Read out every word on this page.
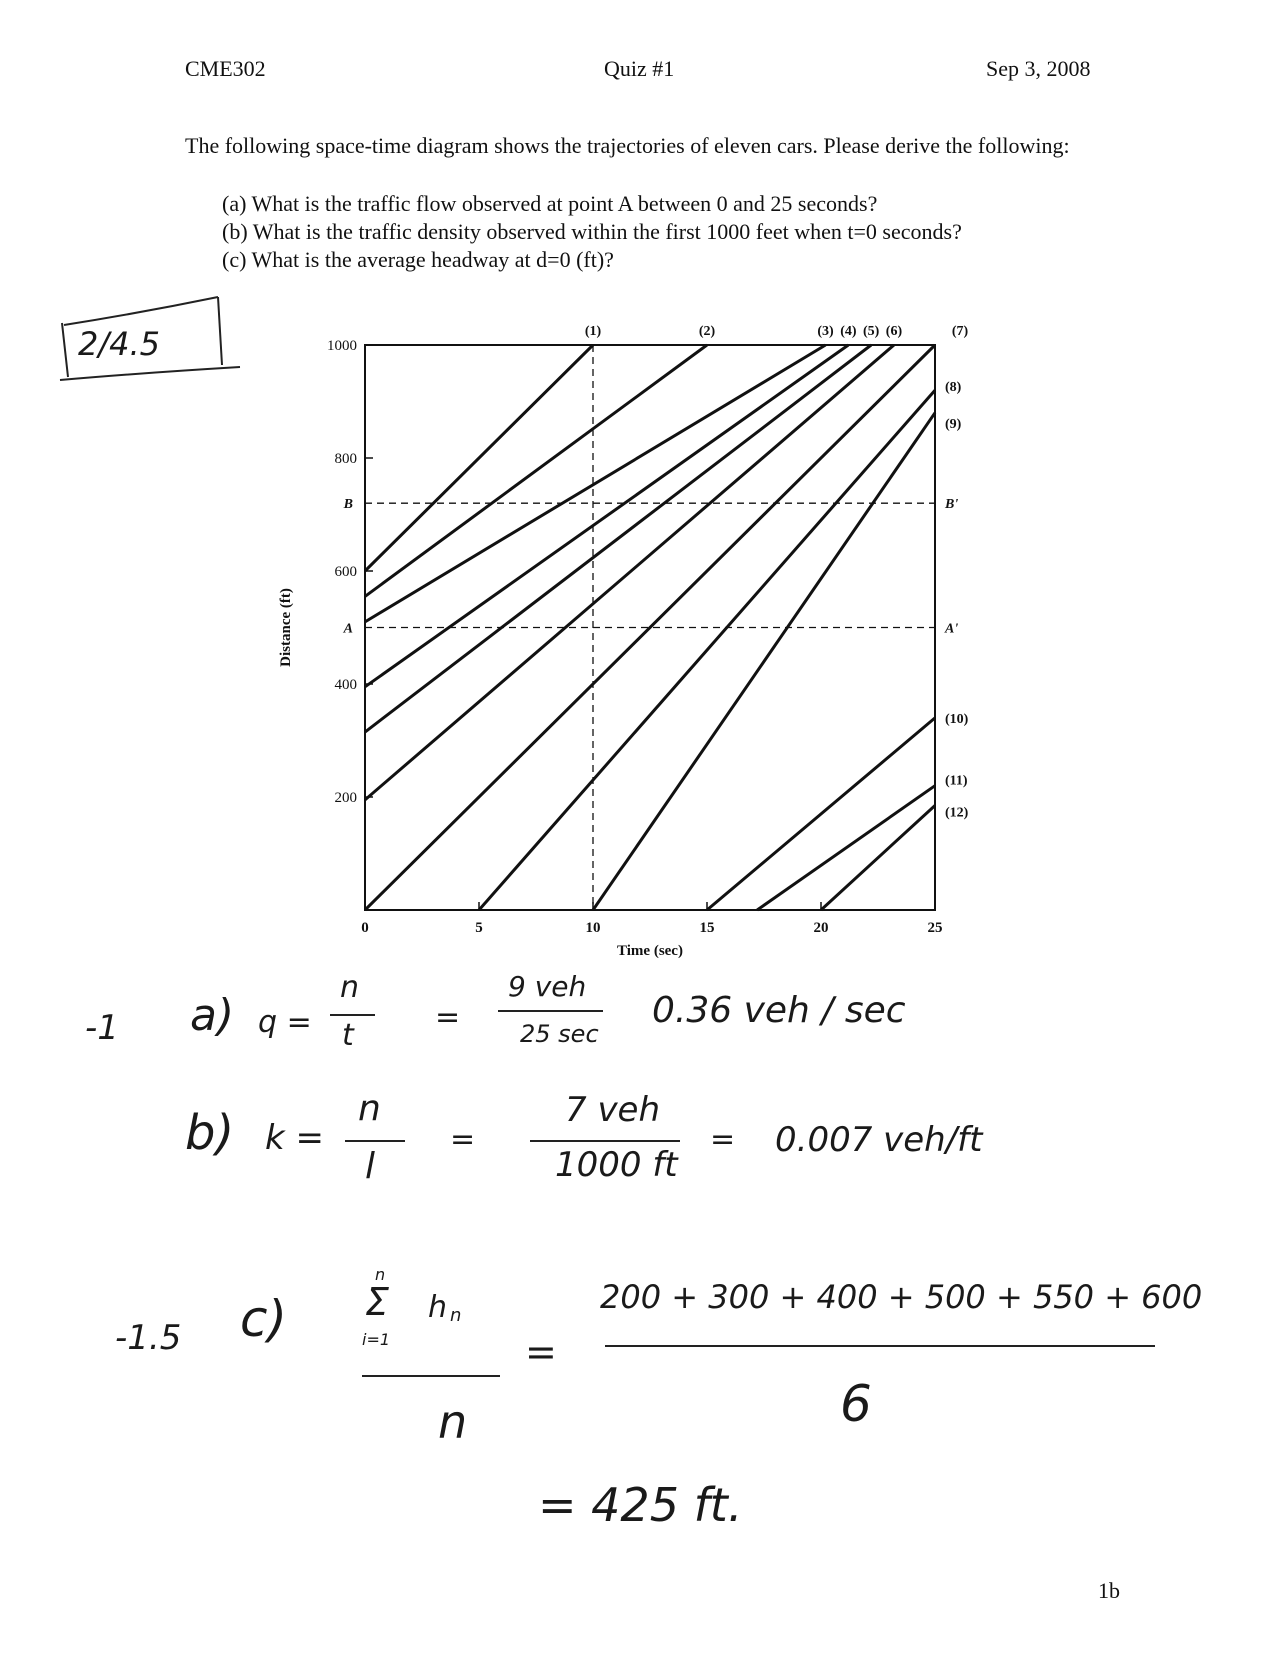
CME302	Quiz #1	Sep 3, 2008
The following space-time diagram shows the trajectories of eleven cars. Please derive the following:
(a) What is the traffic flow observed at point A between 0 and 25 seconds?
(b) What is the traffic density observed within the first 1000 feet when t=0 seconds?
(c) What is the average headway at d=0 (ft)?
2/4.5
A	A'
B	B'
(1)	(2)	(3) (4) (5) (6)	(7)
(8)
(9)
(10)
(11)
(12)
0	5	10	15	20	25
200
400
600
800
1000
Time (sec)
Distance (ft)
-1 a) q =
n
t
=
9 veh
25 sec
0.36 veh / sec
b) k =
n
l
=
7 veh
1000 ft
= 0.007 veh/ft
-1.5 c)
n
Σ h n
i=1
n
=
200 + 300 + 400 + 500 + 550 + 600
6
= 425 ft.
1b
